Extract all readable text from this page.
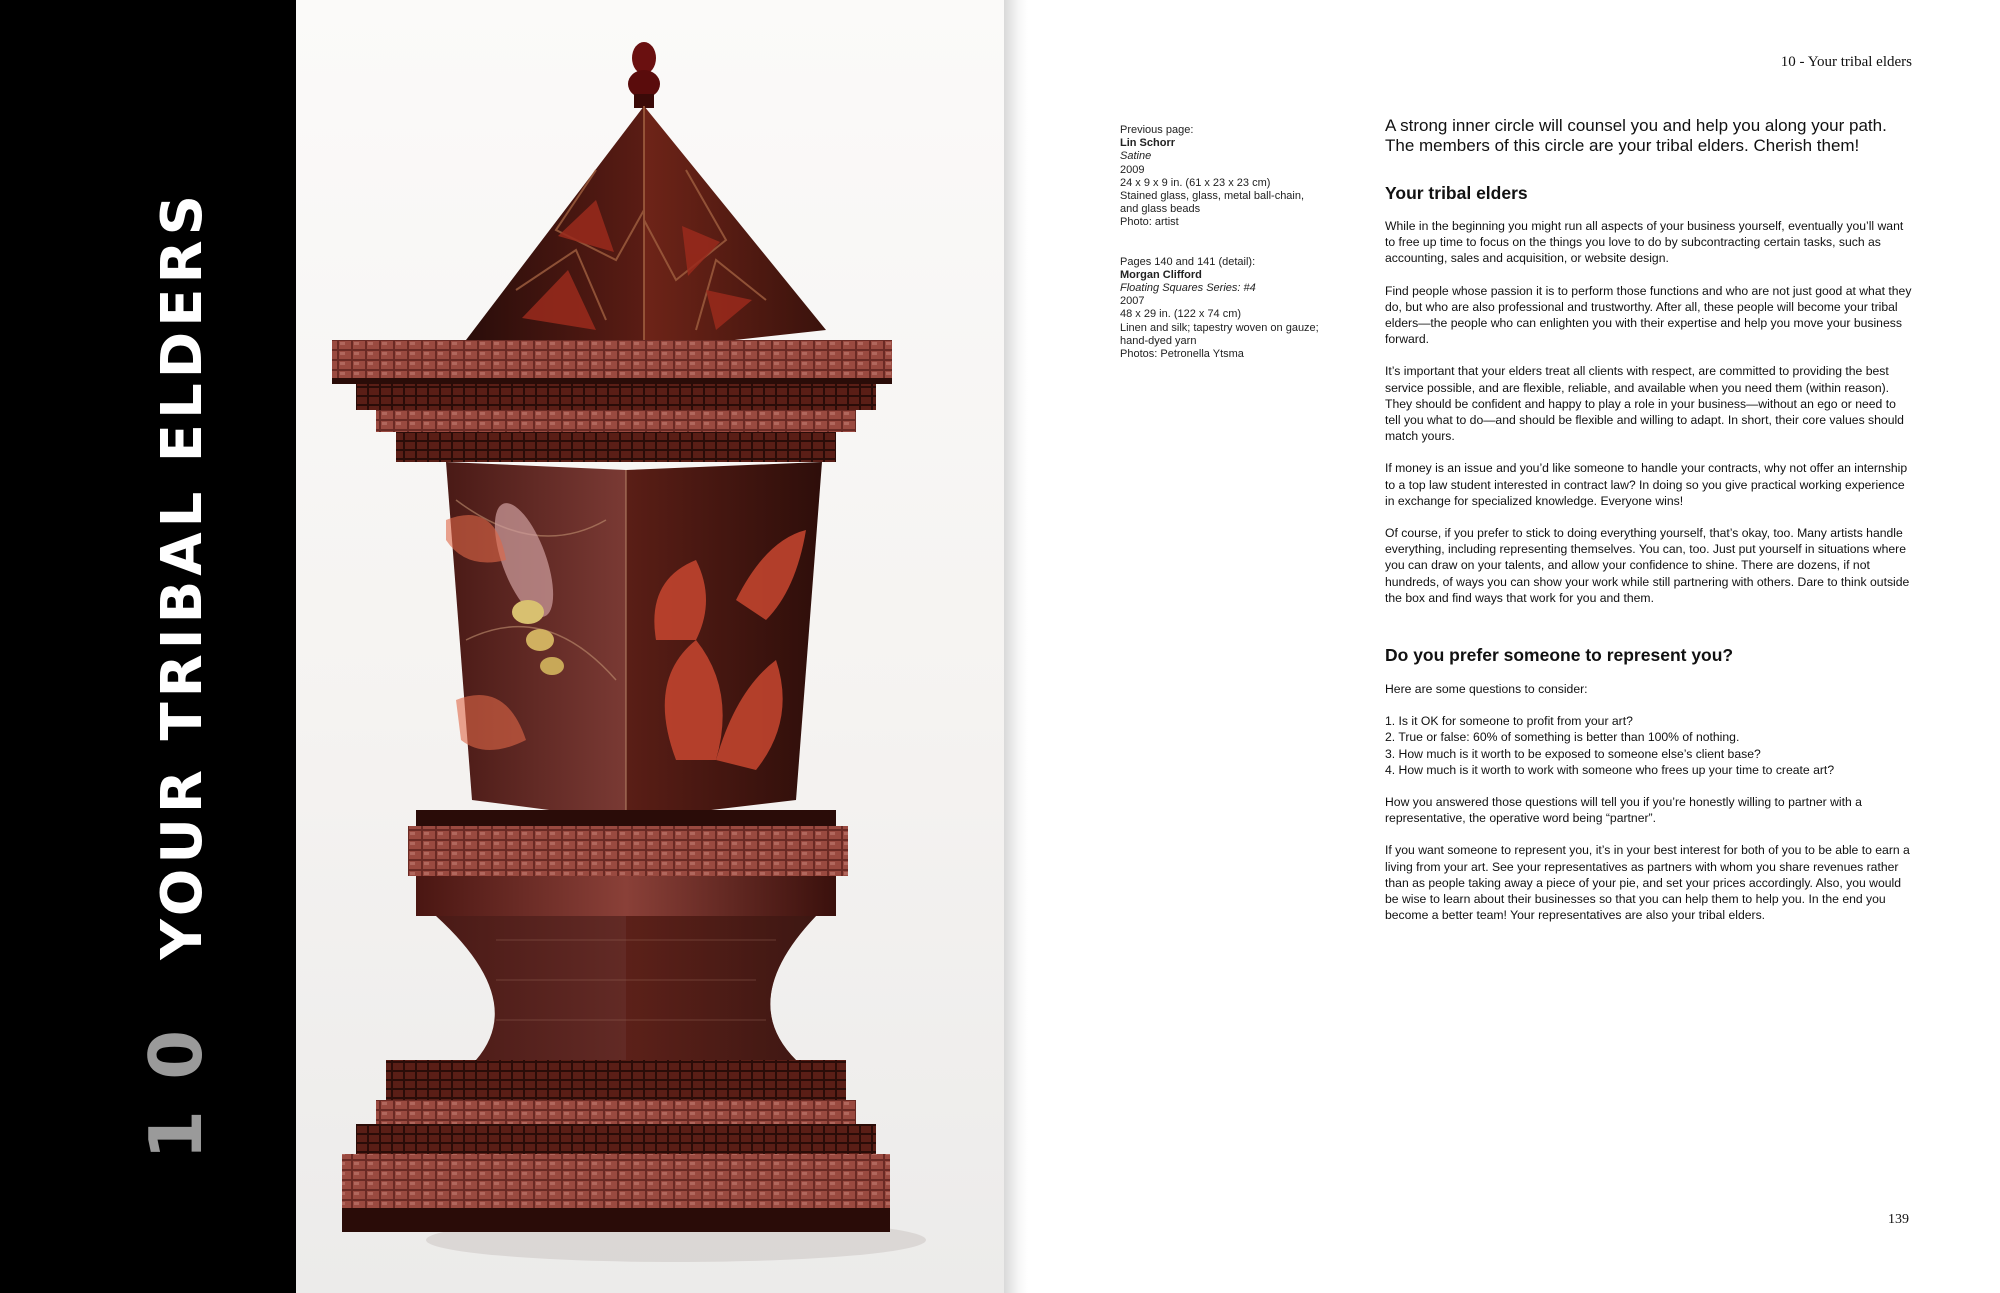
10YOUR TRIBAL ELDERS
10 - Your tribal elders
Previous page:
Lin Schorr
Satine
2009
24 x 9 x 9 in. (61 x 23 x 23 cm)
Stained glass, glass, metal ball-chain,
and glass beads
Photo: artist
Pages 140 and 141 (detail):
Morgan Clifford
Floating Squares Series: #4
2007
48 x 29 in. (122 x 74 cm)
Linen and silk; tapestry woven on gauze;
hand-dyed yarn
Photos: Petronella Ytsma

A strong inner circle will counsel you and help you along your path. The members of this circle are your tribal elders. Cherish them!

Your tribal elders

While in the beginning you might run all aspects of your business yourself, eventually you’ll want to free up time to focus on the things you love to do by subcontracting certain tasks, such as accounting, sales and acquisition, or website design.

Find people whose passion it is to perform those functions and who are not just good at what they do, but who are also professional and trustworthy. After all, these people will become your tribal elders—the people who can enlighten you with their expertise and help you move your business forward.

It’s important that your elders treat all clients with respect, are committed to providing the best service possible, and are flexible, reliable, and available when you need them (within reason). They should be confident and happy to play a role in your business—without an ego or need to tell you what to do—and should be flexible and willing to adapt. In short, their core values should match yours.

If money is an issue and you’d like someone to handle your contracts, why not offer an internship to a top law student interested in contract law? In doing so you give practical working experience in exchange for specialized knowledge. Everyone wins!

Of course, if you prefer to stick to doing everything yourself, that’s okay, too. Many artists handle everything, including representing themselves. You can, too. Just put yourself in situations where you can draw on your talents, and allow your confidence to shine. There are dozens, if not hundreds, of ways you can show your work while still partnering with others. Dare to think outside the box and find ways that work for you and them.

Do you prefer someone to represent you?

Here are some questions to consider:

1. Is it OK for someone to profit from your art?
2. True or false: 60% of something is better than 100% of nothing.
3. How much is it worth to be exposed to someone else’s client base?
4. How much is it worth to work with someone who frees up your time to create art?

How you answered those questions will tell you if you’re honestly willing to partner with a representative, the operative word being “partner”.

If you want someone to represent you, it’s in your best interest for both of you to be able to earn a living from your art. See your representatives as partners with whom you share revenues rather than as people taking away a piece of your pie, and set your prices accordingly. Also, you would be wise to learn about their businesses so that you can help them to help you. In the end you become a better team! Your representatives are also your tribal elders.

139
